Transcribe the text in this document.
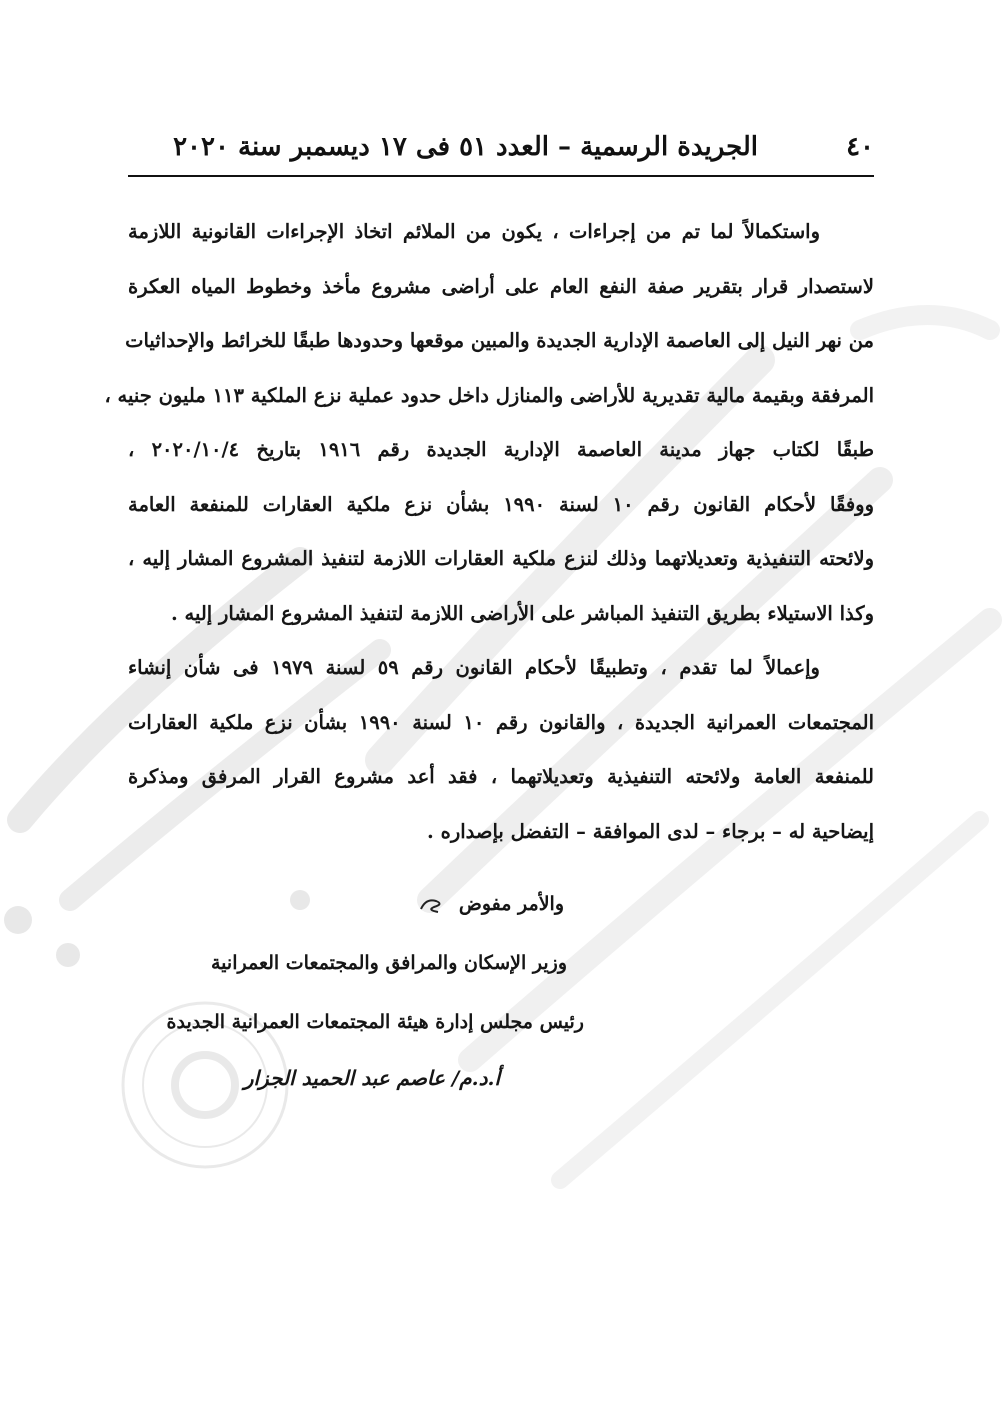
٤٠
الجريدة الرسمية – العدد ٥١ فى ١٧ ديسمبر سنة ٢٠٢٠
واستكمالاً لما تم من إجراءات ، يكون من الملائم اتخاذ الإجراءات القانونية اللازمة
لاستصدار قرار بتقرير صفة النفع العام على أراضى مشروع مأخذ وخطوط المياه العكرة
من نهر النيل إلى العاصمة الإدارية الجديدة والمبين موقعها وحدودها طبقًا للخرائط والإحداثيات
المرفقة وبقيمة مالية تقديرية للأراضى والمنازل داخل حدود عملية نزع الملكية ١١٣ مليون جنيه ،
طبقًا لكتاب جهاز مدينة العاصمة الإدارية الجديدة رقم ١٩١٦ بتاريخ ٢٠٢٠/١٠/٤ ،
ووفقًا لأحكام القانون رقم ١٠ لسنة ١٩٩٠ بشأن نزع ملكية العقارات للمنفعة العامة
ولائحته التنفيذية وتعديلاتهما وذلك لنزع ملكية العقارات اللازمة لتنفيذ المشروع المشار إليه ،
وكذا الاستيلاء بطريق التنفيذ المباشر على الأراضى اللازمة لتنفيذ المشروع المشار إليه .
وإعمالاً لما تقدم ، وتطبيقًا لأحكام القانون رقم ٥٩ لسنة ١٩٧٩ فى شأن إنشاء
المجتمعات العمرانية الجديدة ، والقانون رقم ١٠ لسنة ١٩٩٠ بشأن نزع ملكية العقارات
للمنفعة العامة ولائحته التنفيذية وتعديلاتهما ، فقد أعد مشروع القرار المرفق ومذكرة
إيضاحية له – برجاء – لدى الموافقة – التفضل بإصداره .
والأمر مفوض
وزير الإسكان والمرافق والمجتمعات العمرانية
رئيس مجلس إدارة هيئة المجتمعات العمرانية الجديدة
أ.د.م/ عاصم عبد الحميد الجزار
